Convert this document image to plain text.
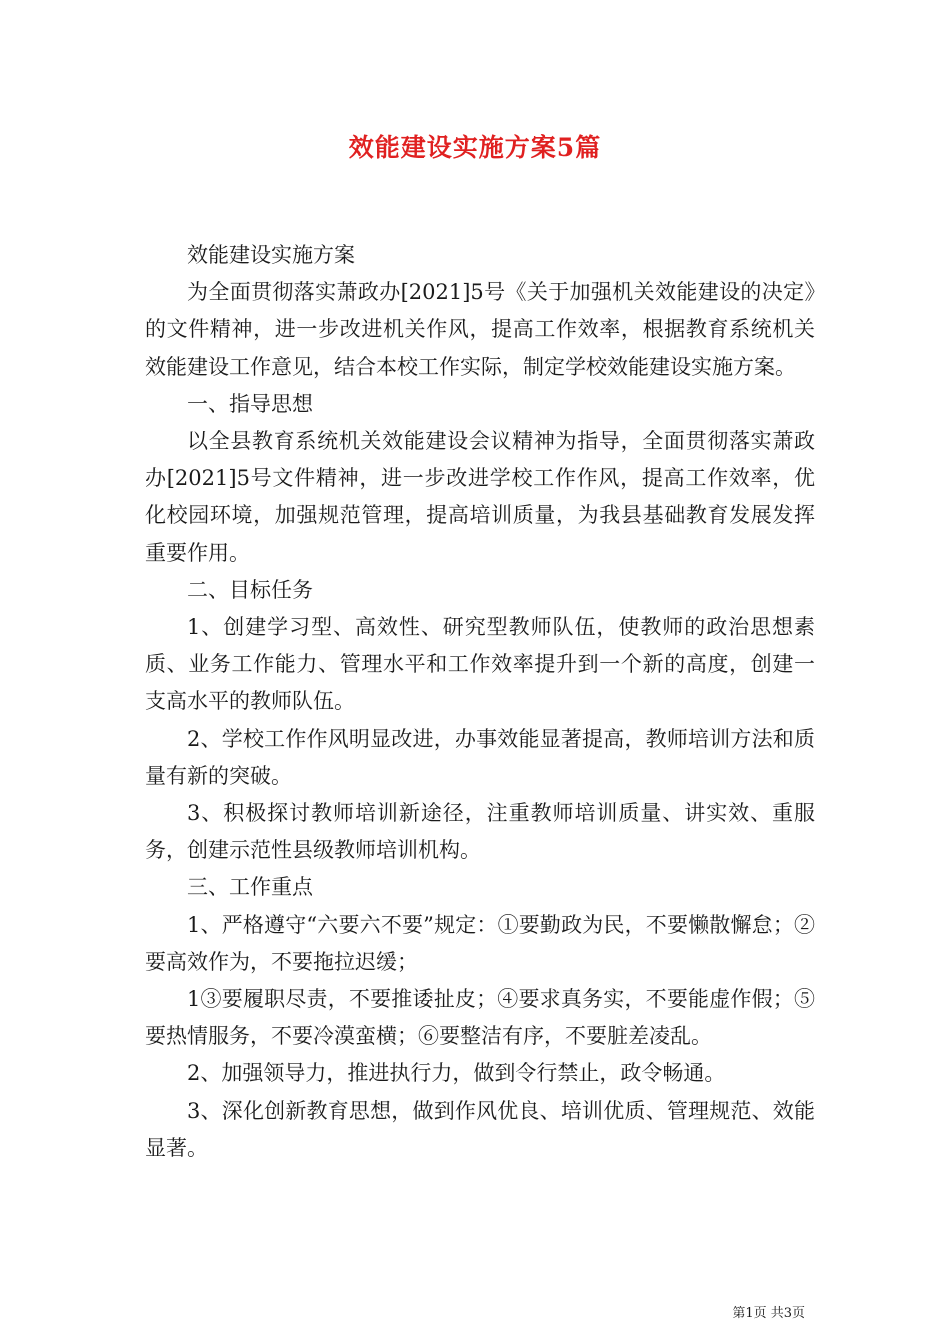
效能建设实施方案5篇

效能建设实施方案

为全面贯彻落实萧政办[2021]5号《关于加强机关效能建设的决定》的文件精神，进一步改进机关作风，提高工作效率，根据教育系统机关效能建设工作意见，结合本校工作实际，制定学校效能建设实施方案。

一、指导思想

以全县教育系统机关效能建设会议精神为指导，全面贯彻落实萧政办[2021]5号文件精神，进一步改进学校工作作风，提高工作效率，优化校园环境，加强规范管理，提高培训质量，为我县基础教育发展发挥重要作用。

二、目标任务

1、创建学习型、高效性、研究型教师队伍，使教师的政治思想素质、业务工作能力、管理水平和工作效率提升到一个新的高度，创建一支高水平的教师队伍。

2、学校工作作风明显改进，办事效能显著提高，教师培训方法和质量有新的突破。

3、积极探讨教师培训新途径，注重教师培训质量、讲实效、重服务，创建示范性县级教师培训机构。

三、工作重点

1、严格遵守“六要六不要”规定：①要勤政为民，不要懒散懈怠；②要高效作为，不要拖拉迟缓；

1③要履职尽责，不要推诿扯皮；④要求真务实，不要能虚作假；⑤要热情服务，不要冷漠蛮横；⑥要整洁有序，不要脏差凌乱。

2、加强领导力，推进执行力，做到令行禁止，政令畅通。

3、深化创新教育思想，做到作风优良、培训优质、管理规范、效能显著。

第1页 共3页
